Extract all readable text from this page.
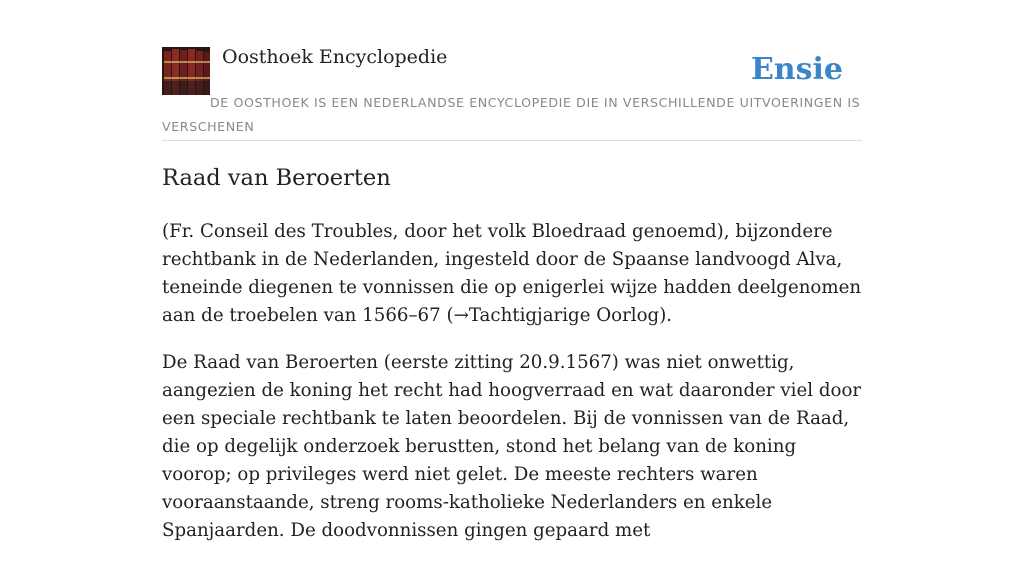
Oosthoek Encyclopedie	Ensie

DE OOSTHOEK IS EEN NEDERLANDSE ENCYCLOPEDIE DIE IN VERSCHILLENDE UITVOERINGEN IS VERSCHENEN

Raad van Beroerten

(Fr. Conseil des Troubles, door het volk Bloedraad genoemd), bijzondere rechtbank in de Nederlanden, ingesteld door de Spaanse landvoogd Alva, teneinde diegenen te vonnissen die op enigerlei wijze hadden deelgenomen aan de troebelen van 1566–67 (→Tachtigjarige Oorlog).

De Raad van Beroerten (eerste zitting 20.9.1567) was niet onwettig, aangezien de koning het recht had hoogverraad en wat daaronder viel door een speciale rechtbank te laten beoordelen. Bij de vonnissen van de Raad, die op degelijk onderzoek berustten, stond het belang van de koning voorop; op privileges werd niet gelet. De meeste rechters waren vooraanstaande, streng rooms-katholieke Nederlanders en enkele Spanjaarden. De doodvonnissen gingen gepaard met
